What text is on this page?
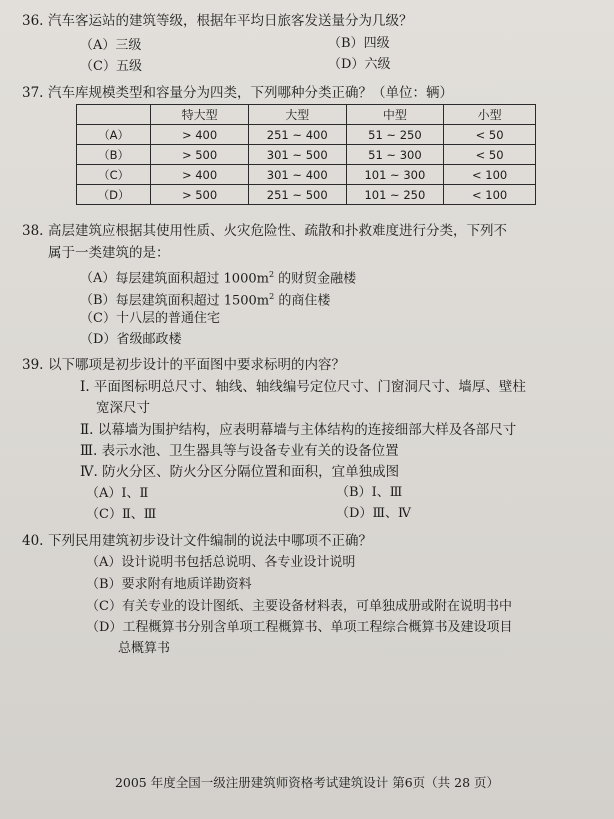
36. 汽车客运站的建筑等级，根据年平均日旅客发送量分为几级？
（A）三级	（B）四级
（C）五级	（D）六级
37. 汽车库规模类型和容量分为四类，下列哪种分类正确？（单位：辆）
	特大型	大型	中型	小型
（A）	> 400	251 ~ 400	51 ~ 250	< 50
（B）	> 500	301 ~ 500	51 ~ 300	< 50
（C）	> 400	301 ~ 400	101 ~ 300	< 100
（D）	> 500	251 ~ 500	101 ~ 250	< 100
38. 高层建筑应根据其使用性质、火灾危险性、疏散和扑救难度进行分类，下列不
属于一类建筑的是：
（A）每层建筑面积超过 $1000m^2$ 的财贸金融楼
（B）每层建筑面积超过 $1500m^2$ 的商住楼
（C）十八层的普通住宅
（D）省级邮政楼
39. 以下哪项是初步设计的平面图中要求标明的内容？
Ⅰ. 平面图标明总尺寸、轴线、轴线编号定位尺寸、门窗洞尺寸、墙厚、壁柱
宽深尺寸
Ⅱ. 以幕墙为围护结构，应表明幕墙与主体结构的连接细部大样及各部尺寸
Ⅲ. 表示水池、卫生器具等与设备专业有关的设备位置
Ⅳ. 防火分区、防火分区分隔位置和面积，宜单独成图
（A）Ⅰ、Ⅱ	（B）Ⅰ、Ⅲ
（C）Ⅱ、Ⅲ	（D）Ⅲ、Ⅳ
40. 下列民用建筑初步设计文件编制的说法中哪项不正确？
（A）设计说明书包括总说明、各专业设计说明
（B）要求附有地质详勘资料
（C）有关专业的设计图纸、主要设备材料表，可单独成册或附在说明书中
（D）工程概算书分别含单项工程概算书、单项工程综合概算书及建设项目
总概算书
2005 年度全国一级注册建筑师资格考试建筑设计 第6页（共 28 页）
